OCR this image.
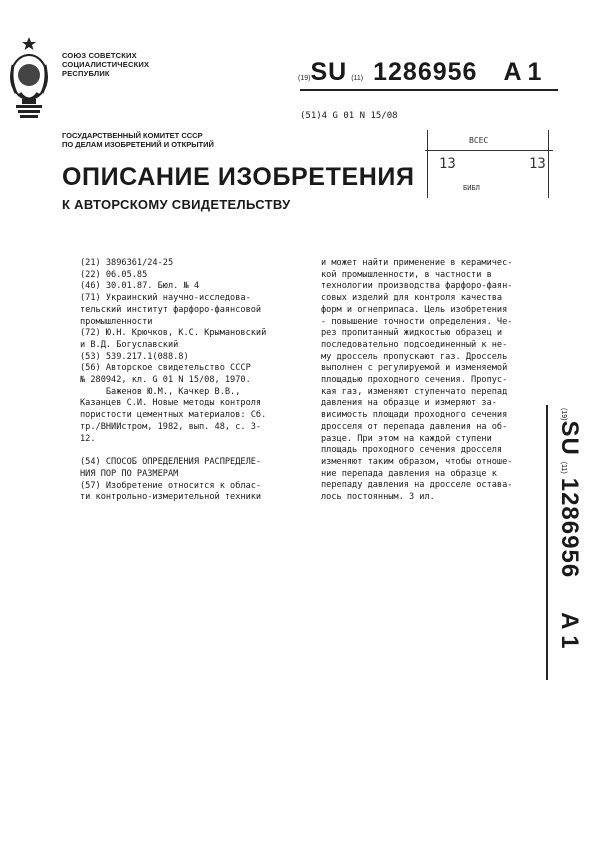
СОЮЗ СОВЕТСКИХ
СОЦИАЛИСТИЧЕСКИХ
РЕСПУБЛИК
(19)SU (11) 1286956 A 1
(51)4 G 01 N 15/08
ВСЕС
13	13
БИБЛ
ГОСУДАРСТВЕННЫЙ КОМИТЕТ СССР
ПО ДЕЛАМ ИЗОБРЕТЕНИЙ И ОТКРЫТИЙ
ОПИСАНИЕ ИЗОБРЕТЕНИЯ
К АВТОРСКОМУ СВИДЕТЕЛЬСТВУ
(21) 3896361/24-25
(22) 06.05.85
(46) 30.01.87. Бюл. № 4
(71) Украинский научно-исследова-
тельский институт фарфоро-фаянсовой
промышленности
(72) Ю.Н. Крючков, К.С. Крымановский
и В.Д. Богуславский
(53) 539.217.1(088.8)
(56) Авторское свидетельство СССР
№ 280942, кл. G 01 N 15/08, 1970.
Баженов Ю.М., Качкер В.В.,
Казанцев С.И. Новые методы контроля
пористости цементных материалов: Сб.
тр./ВНИИстром, 1982, вып. 48, с. 3-
12.
(54) СПОСОБ ОПРЕДЕЛЕНИЯ РАСПРЕДЕЛЕ-
НИЯ ПОР ПО РАЗМЕРАМ
(57) Изобретение относится к облас-
ти контрольно-измерительной техники
и может найти применение в керамичес-
кой промышленности, в частности в
технологии производства фарфоро-фаян-
совых изделий для контроля качества
форм и огнеприпаса. Цель изобретения
- повышение точности определения. Че-
рез пропитанный жидкостью образец и
последовательно подсоединенный к не-
му дроссель пропускают газ. Дроссель
выполнен с регулируемой и изменяемой
площадью проходного сечения. Пропус-
кая газ, изменяют ступенчато перепад
давления на образце и измеряют за-
висимость площади проходного сечения
дросселя от перепада давления на об-
разце. При этом на каждой ступени
площадь проходного сечения дросселя
изменяют таким образом, чтобы отноше-
ние перепада давления на образце к
перепаду давления на дросселе остава-
лось постоянным. 3 ил.
(19)SU(11)1286956A 1
